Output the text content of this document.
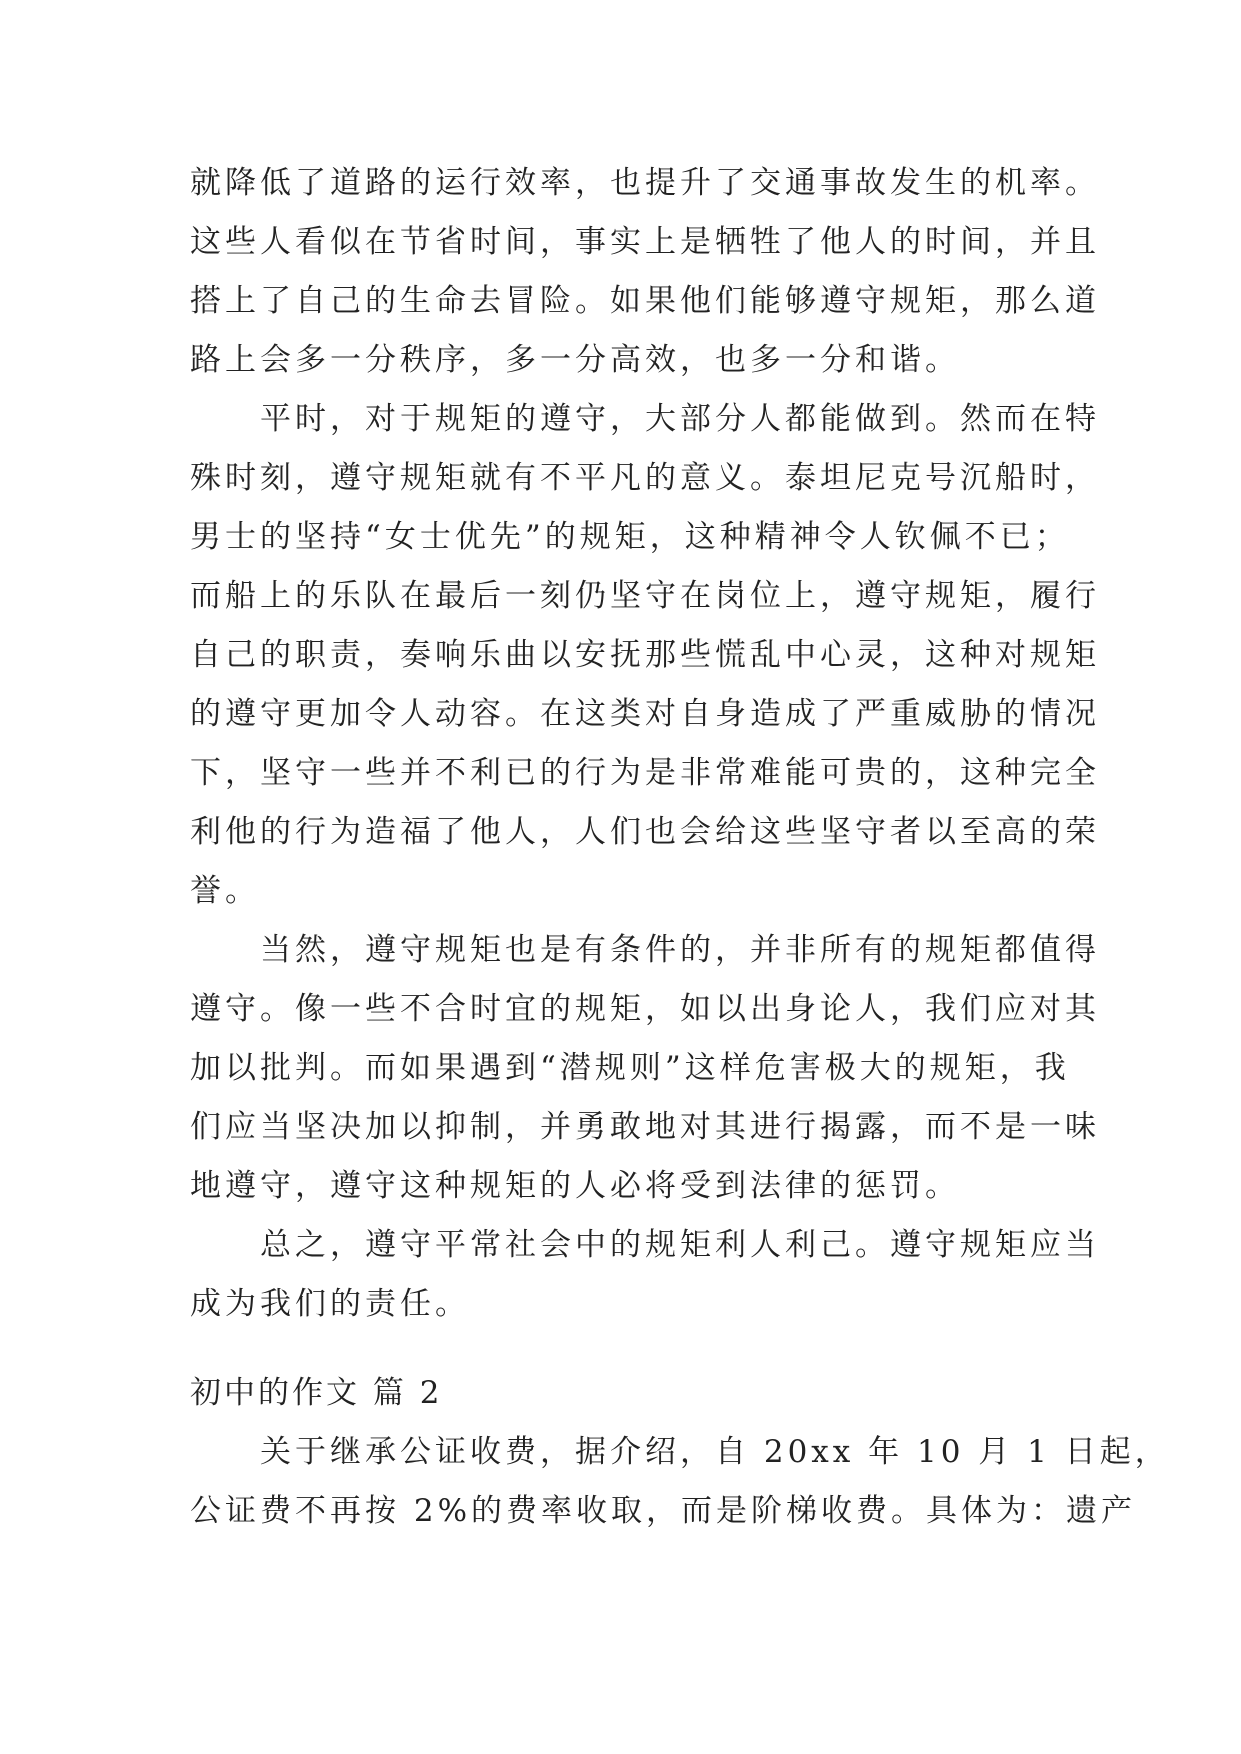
就降低了道路的运行效率，也提升了交通事故发生的机率。
这些人看似在节省时间，事实上是牺牲了他人的时间，并且
搭上了自己的生命去冒险。如果他们能够遵守规矩，那么道
路上会多一分秩序，多一分高效，也多一分和谐。
平时，对于规矩的遵守，大部分人都能做到。然而在特
殊时刻，遵守规矩就有不平凡的意义。泰坦尼克号沉船时，
男士的坚持“女士优先”的规矩，这种精神令人钦佩不已；
而船上的乐队在最后一刻仍坚守在岗位上，遵守规矩，履行
自己的职责，奏响乐曲以安抚那些慌乱中心灵，这种对规矩
的遵守更加令人动容。在这类对自身造成了严重威胁的情况
下，坚守一些并不利已的行为是非常难能可贵的，这种完全
利他的行为造福了他人，人们也会给这些坚守者以至高的荣
誉。
当然，遵守规矩也是有条件的，并非所有的规矩都值得
遵守。像一些不合时宜的规矩，如以出身论人，我们应对其
加以批判。而如果遇到“潜规则”这样危害极大的规矩，我
们应当坚决加以抑制，并勇敢地对其进行揭露，而不是一味
地遵守，遵守这种规矩的人必将受到法律的惩罚。
总之，遵守平常社会中的规矩利人利己。遵守规矩应当
成为我们的责任。
初中的作文 篇 2
关于继承公证收费，据介绍，自 20xx 年 10 月 1 日起，
公证费不再按 2%的费率收取，而是阶梯收费。具体为：遗产
